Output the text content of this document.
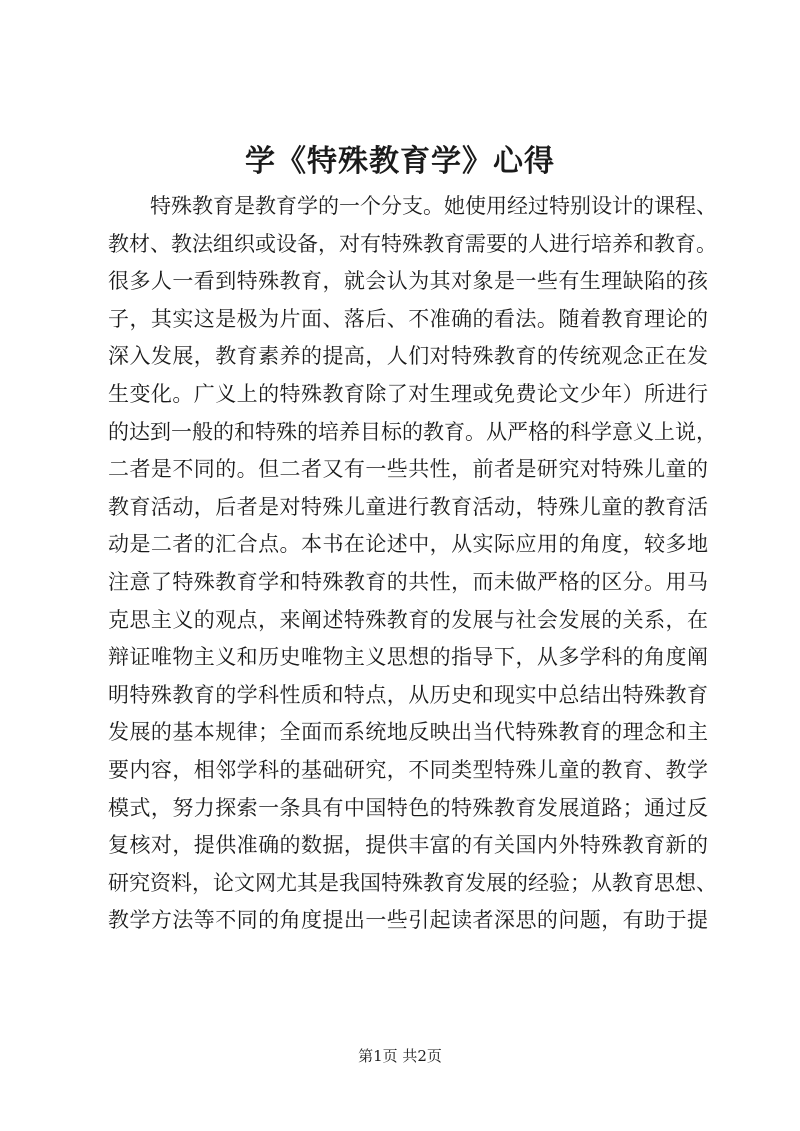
学《特殊教育学》心得
特殊教育是教育学的一个分支。她使用经过特别设计的课程、
教材、教法组织或设备，对有特殊教育需要的人进行培养和教育。
很多人一看到特殊教育，就会认为其对象是一些有生理缺陷的孩
子，其实这是极为片面、落后、不准确的看法。随着教育理论的
深入发展，教育素养的提高，人们对特殊教育的传统观念正在发
生变化。广义上的特殊教育除了对生理或免费论文少年）所进行
的达到一般的和特殊的培养目标的教育。从严格的科学意义上说，
二者是不同的。但二者又有一些共性，前者是研究对特殊儿童的
教育活动，后者是对特殊儿童进行教育活动，特殊儿童的教育活
动是二者的汇合点。本书在论述中，从实际应用的角度，较多地
注意了特殊教育学和特殊教育的共性，而未做严格的区分。用马
克思主义的观点，来阐述特殊教育的发展与社会发展的关系，在
辩证唯物主义和历史唯物主义思想的指导下，从多学科的角度阐
明特殊教育的学科性质和特点，从历史和现实中总结出特殊教育
发展的基本规律；全面而系统地反映出当代特殊教育的理念和主
要内容，相邻学科的基础研究，不同类型特殊儿童的教育、教学
模式，努力探索一条具有中国特色的特殊教育发展道路；通过反
复核对，提供准确的数据，提供丰富的有关国内外特殊教育新的
研究资料，论文网尤其是我国特殊教育发展的经验；从教育思想、
教学方法等不同的角度提出一些引起读者深思的问题，有助于提
第1页 共2页
